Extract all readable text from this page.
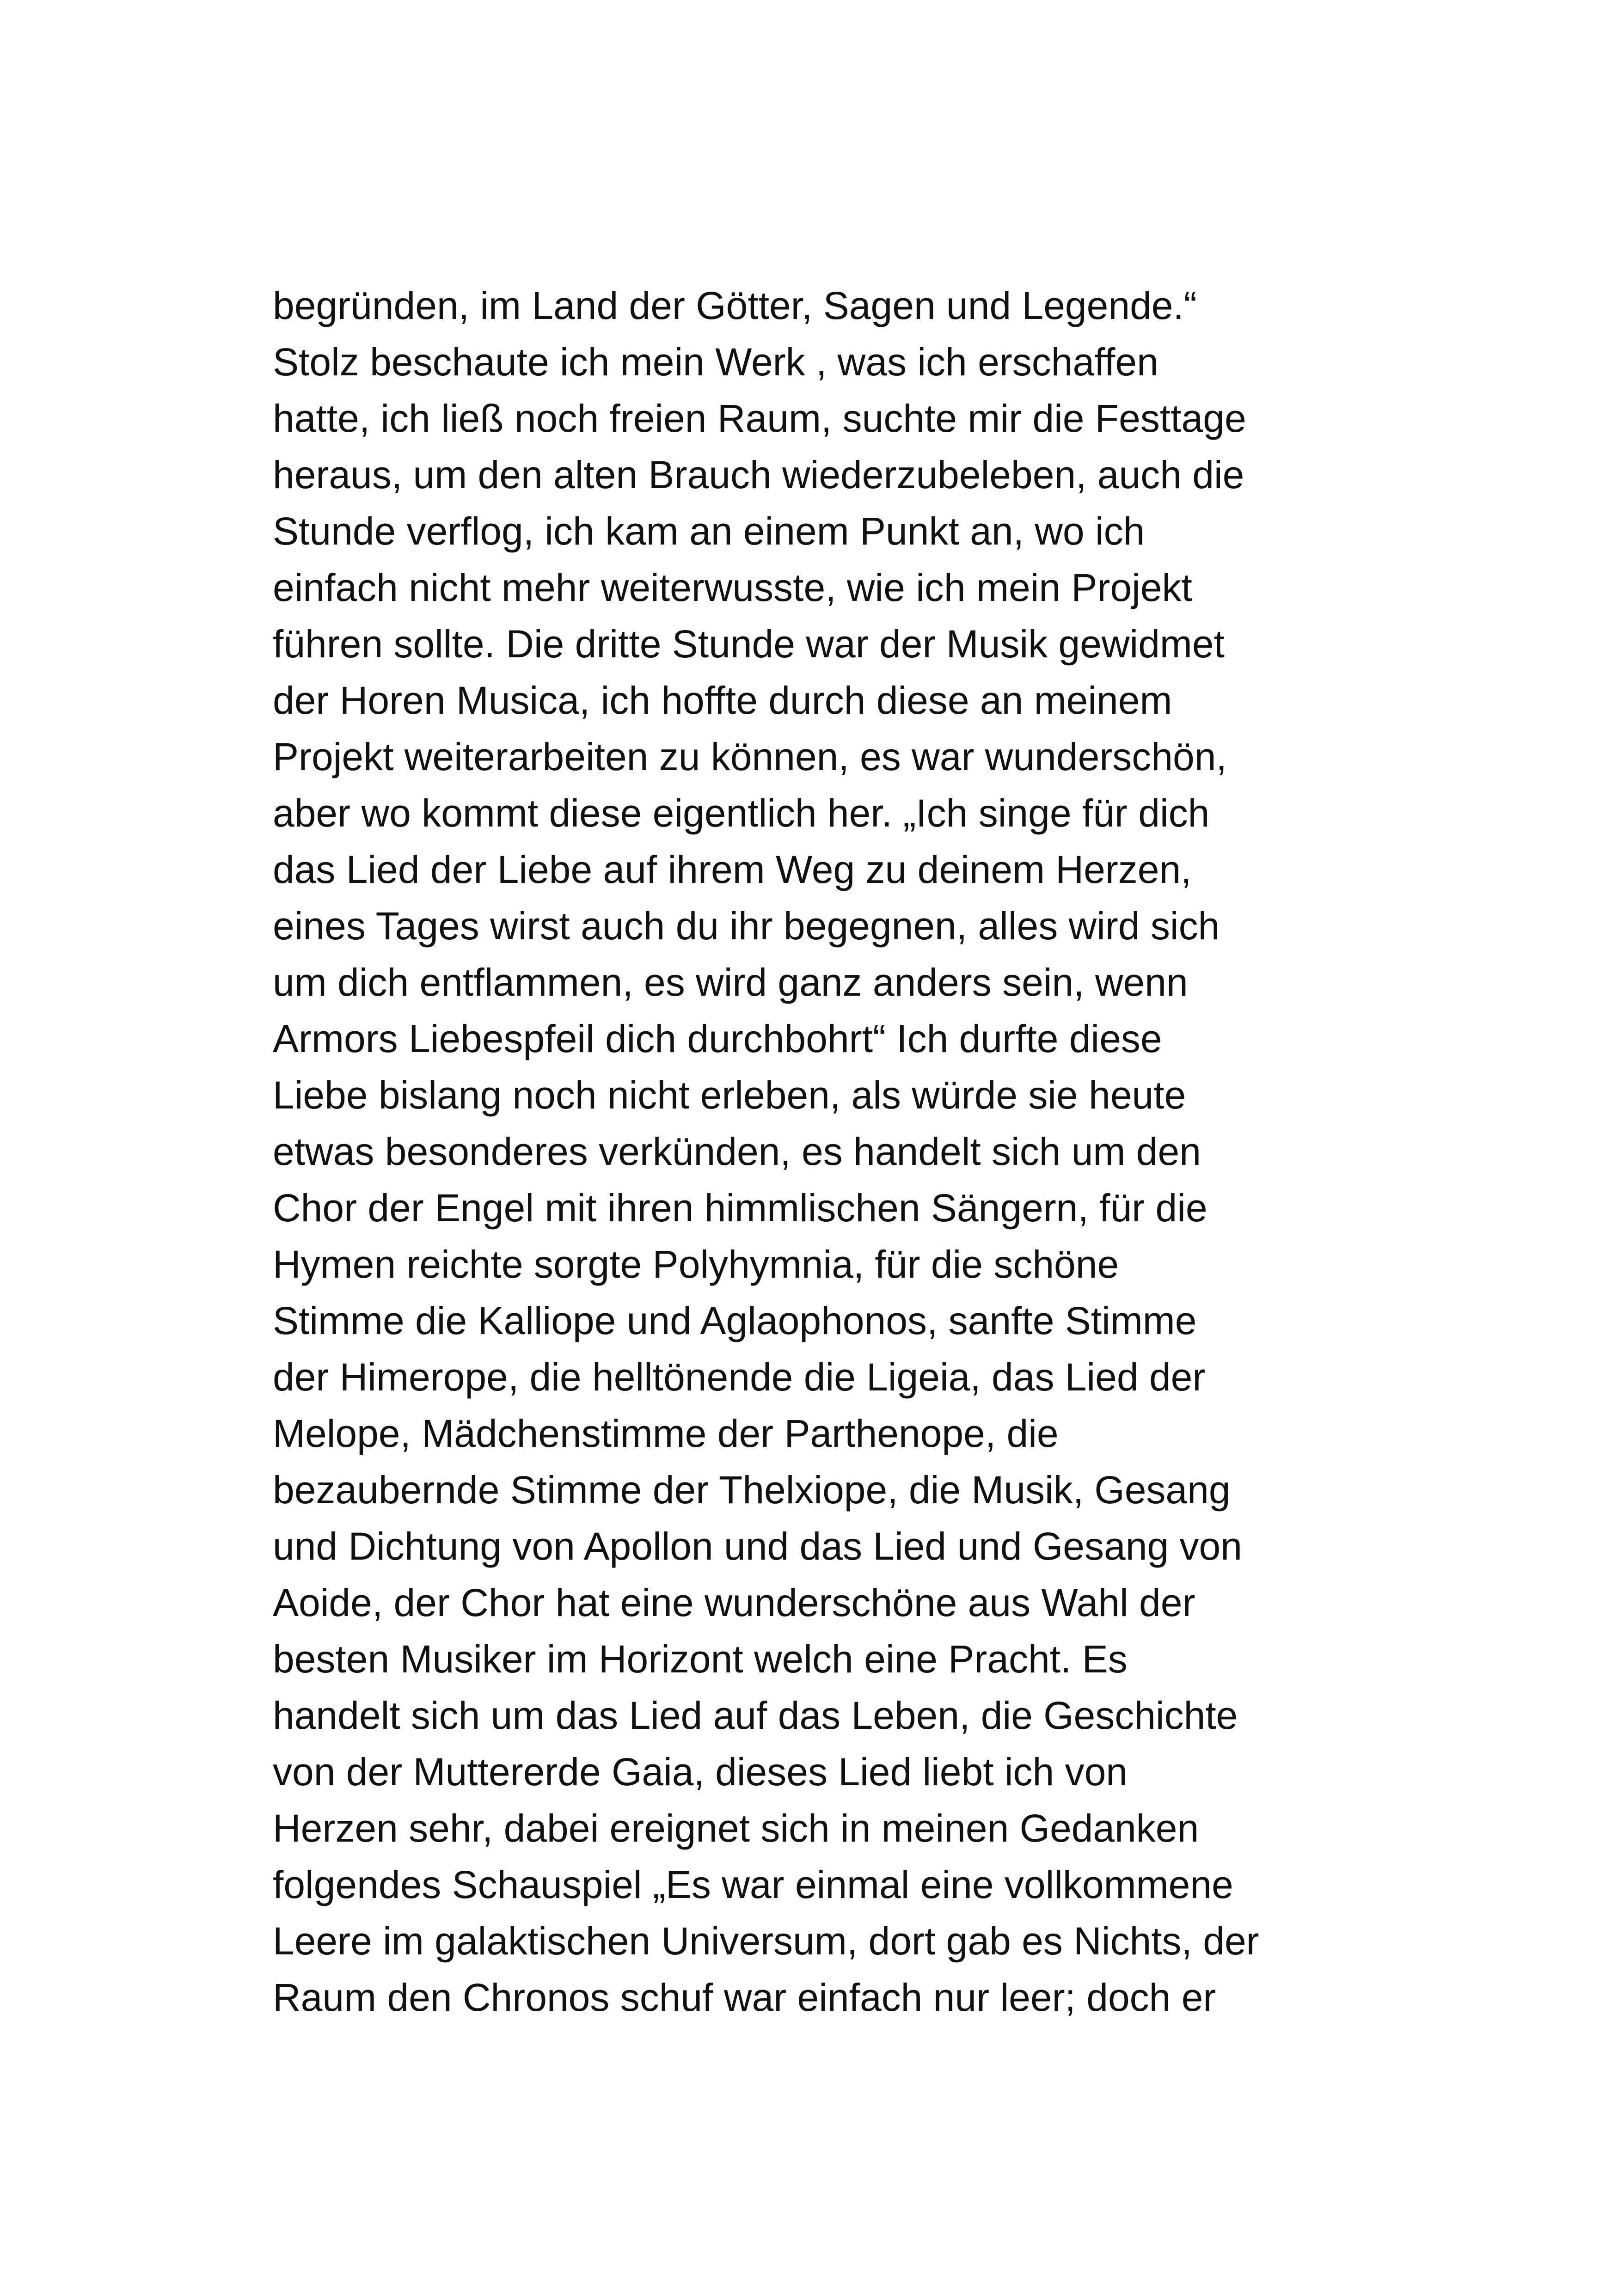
begründen, im Land der Götter, Sagen und Legende.“
Stolz beschaute ich mein Werk , was ich erschaffen
hatte, ich ließ noch freien Raum, suchte mir die Festtage
heraus, um den alten Brauch wiederzubeleben, auch die
Stunde verflog, ich kam an einem Punkt an, wo ich
einfach nicht mehr weiterwusste, wie ich mein Projekt
führen sollte. Die dritte Stunde war der Musik gewidmet
der Horen Musica, ich hoffte durch diese an meinem
Projekt weiterarbeiten zu können, es war wunderschön,
aber wo kommt diese eigentlich her. „Ich singe für dich
das Lied der Liebe auf ihrem Weg zu deinem Herzen,
eines Tages wirst auch du ihr begegnen, alles wird sich
um dich entflammen, es wird ganz anders sein, wenn
Armors Liebespfeil dich durchbohrt“ Ich durfte diese
Liebe bislang noch nicht erleben, als würde sie heute
etwas besonderes verkünden, es handelt sich um den
Chor der Engel mit ihren himmlischen Sängern, für die
Hymen reichte sorgte Polyhymnia, für die schöne
Stimme die Kalliope und Aglaophonos, sanfte Stimme
der Himerope, die helltönende die Ligeia, das Lied der
Melope, Mädchenstimme der Parthenope, die
bezaubernde Stimme der Thelxiope, die Musik, Gesang
und Dichtung von Apollon und das Lied und Gesang von
Aoide, der Chor hat eine wunderschöne aus Wahl der
besten Musiker im Horizont welch eine Pracht. Es
handelt sich um das Lied auf das Leben, die Geschichte
von der Muttererde Gaia, dieses Lied liebt ich von
Herzen sehr, dabei ereignet sich in meinen Gedanken
folgendes Schauspiel „Es war einmal eine vollkommene
Leere im galaktischen Universum, dort gab es Nichts, der
Raum den Chronos schuf war einfach nur leer; doch er
